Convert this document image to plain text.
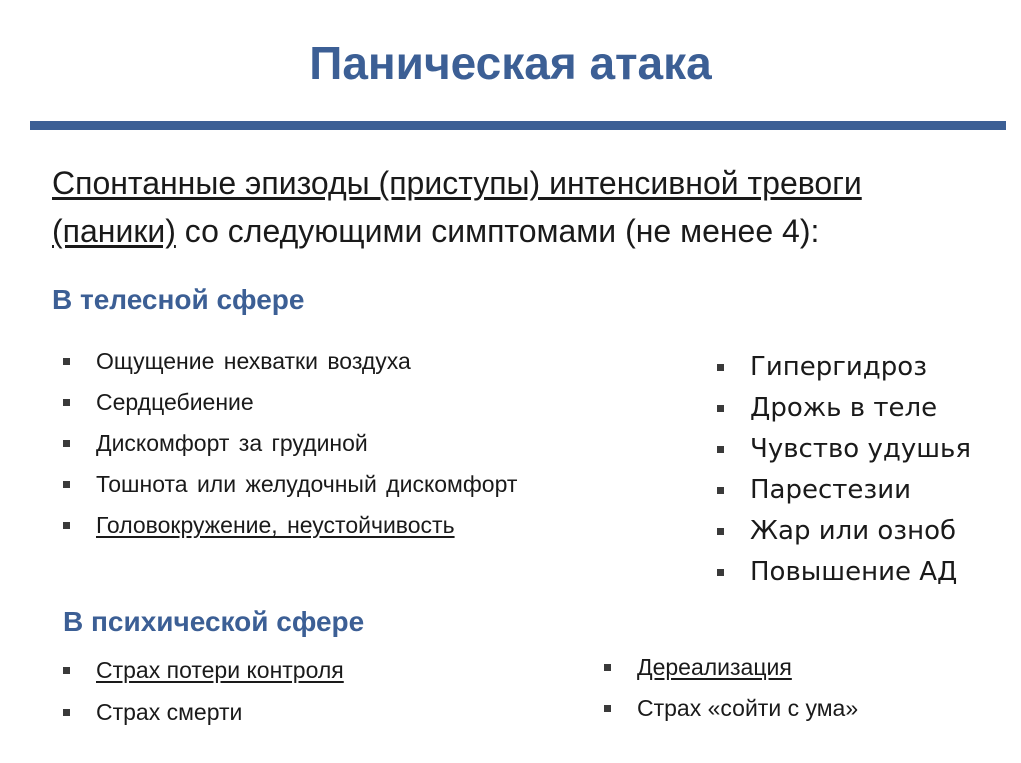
Паническая атака

Спонтанные эпизоды (приступы) интенсивной тревоги
(паники) со следующими симптомами (не менее 4):

В телесной сфере
Ощущение нехватки воздуха
Сердцебиение
Дискомфорт за грудиной
Тошнота или желудочный дискомфорт
Головокружение, неустойчивость
Гипергидроз
Дрожь в теле
Чувство удушья
Парестезии
Жар или озноб
Повышение АД
В психической сфере
Страх потери контроля
Страх смерти
Дереализация
Страх «сойти с ума»
